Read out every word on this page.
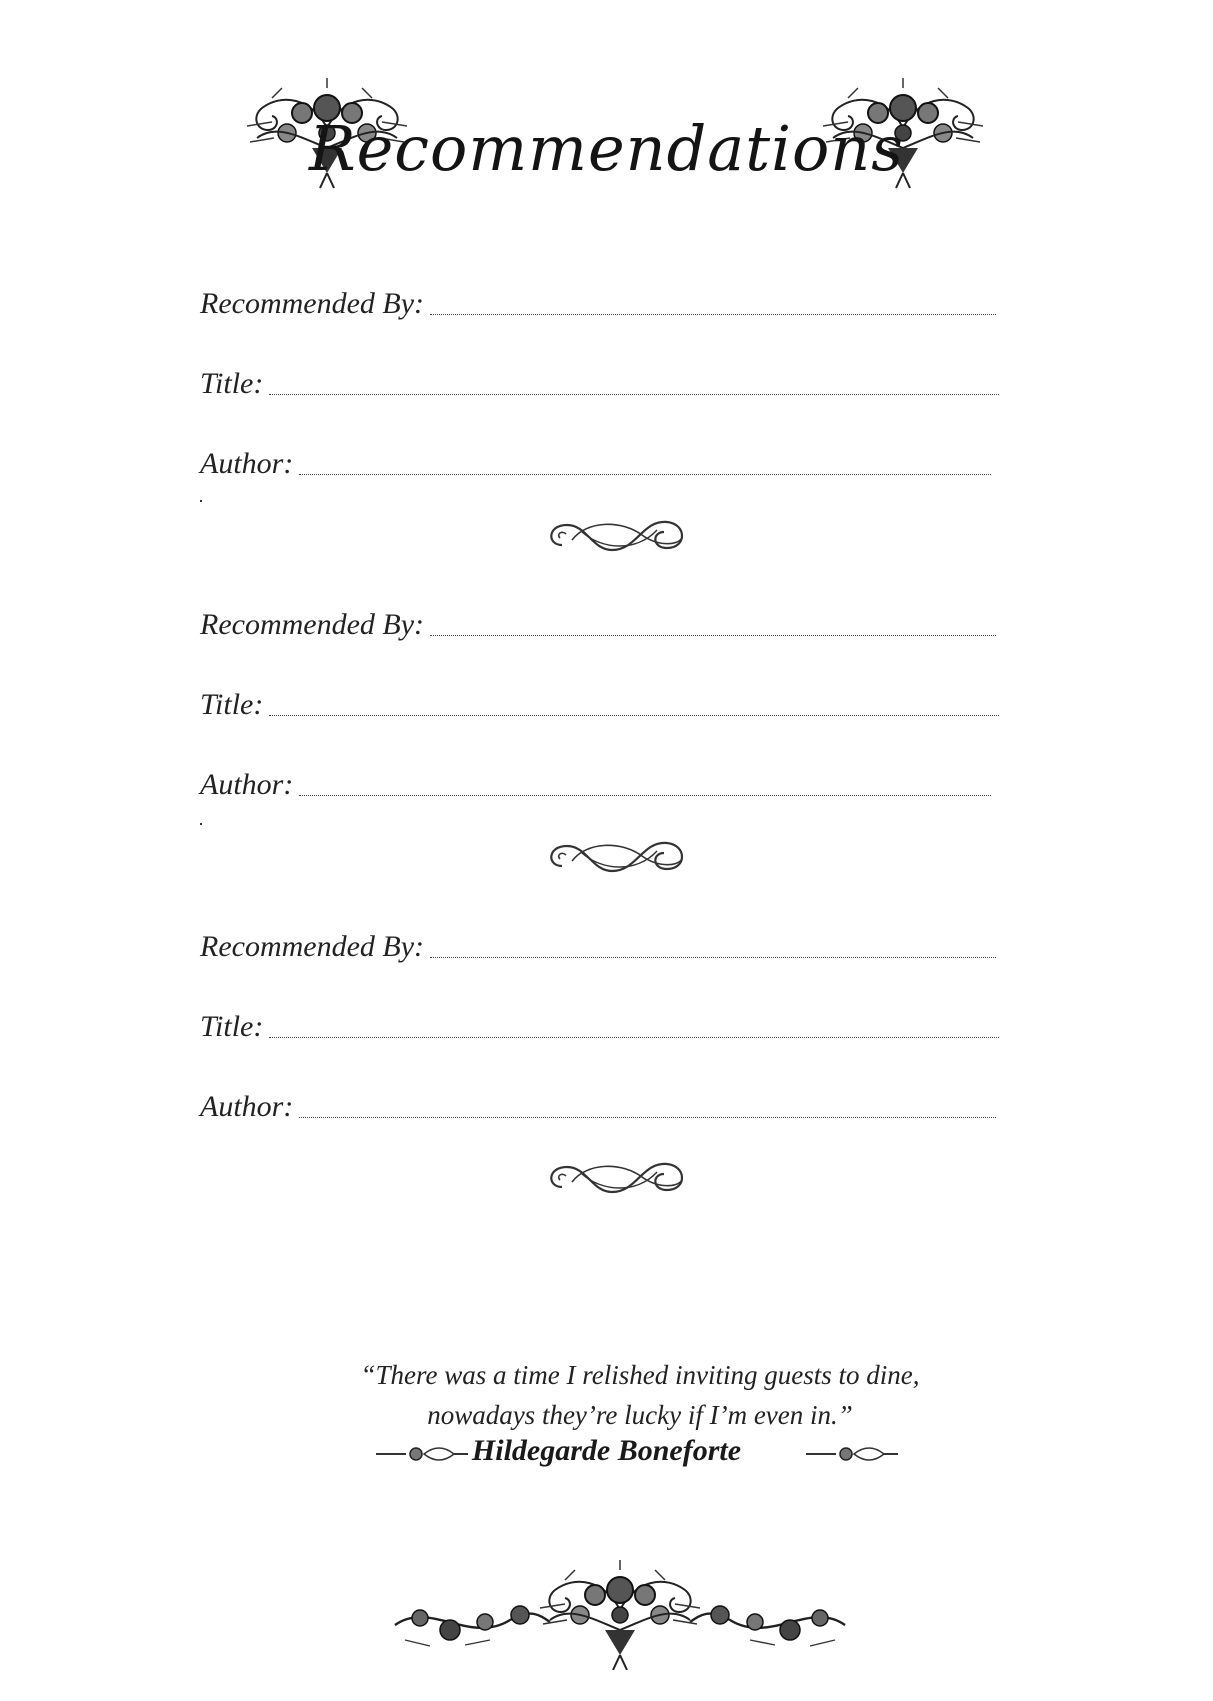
Recommendations
Recommended By:
Title:
Author:
Recommended By:
Title:
Author:
Recommended By:
Title:
Author:
“There was a time I relished inviting guests to dine,
nowadays they’re lucky if I’m even in.”
Hildegarde Boneforte
